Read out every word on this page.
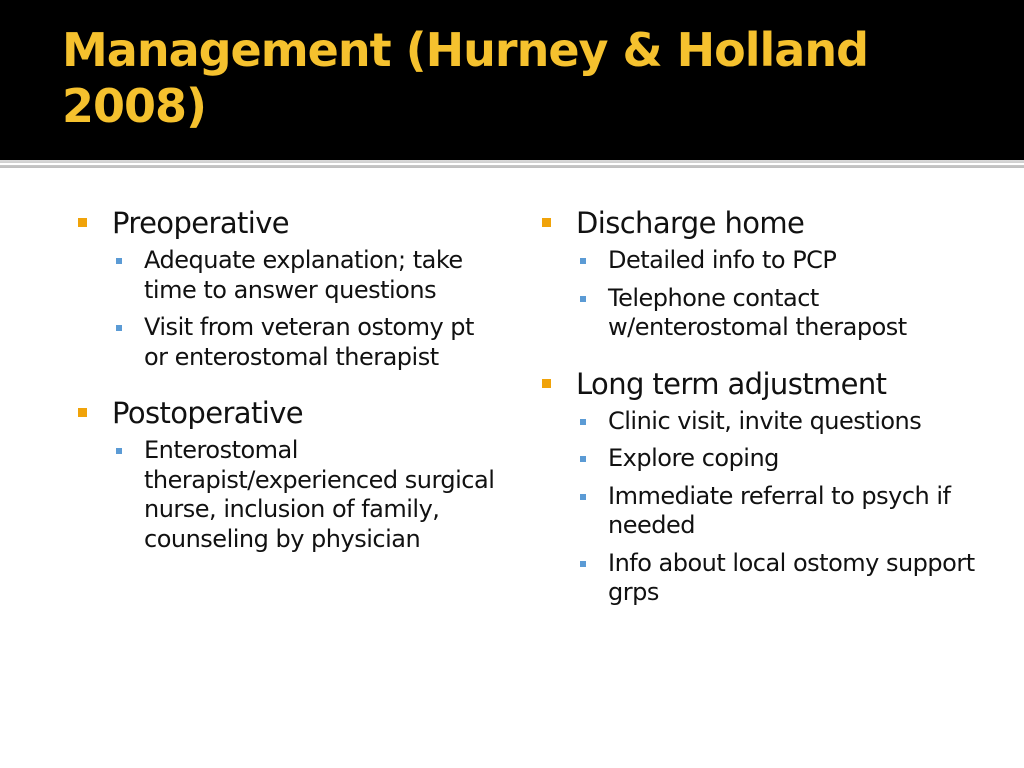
Management (Hurney & Holland 2008)
Preoperative
Adequate explanation; take time to answer questions
Visit from veteran ostomy pt or enterostomal therapist
Postoperative
Enterostomal therapist/experienced surgical nurse, inclusion of family, counseling by physician
Discharge home
Detailed info to PCP
Telephone contact w/enterostomal therapost
Long term adjustment
Clinic visit, invite questions
Explore coping
Immediate referral to psych if needed
Info about local ostomy support grps
